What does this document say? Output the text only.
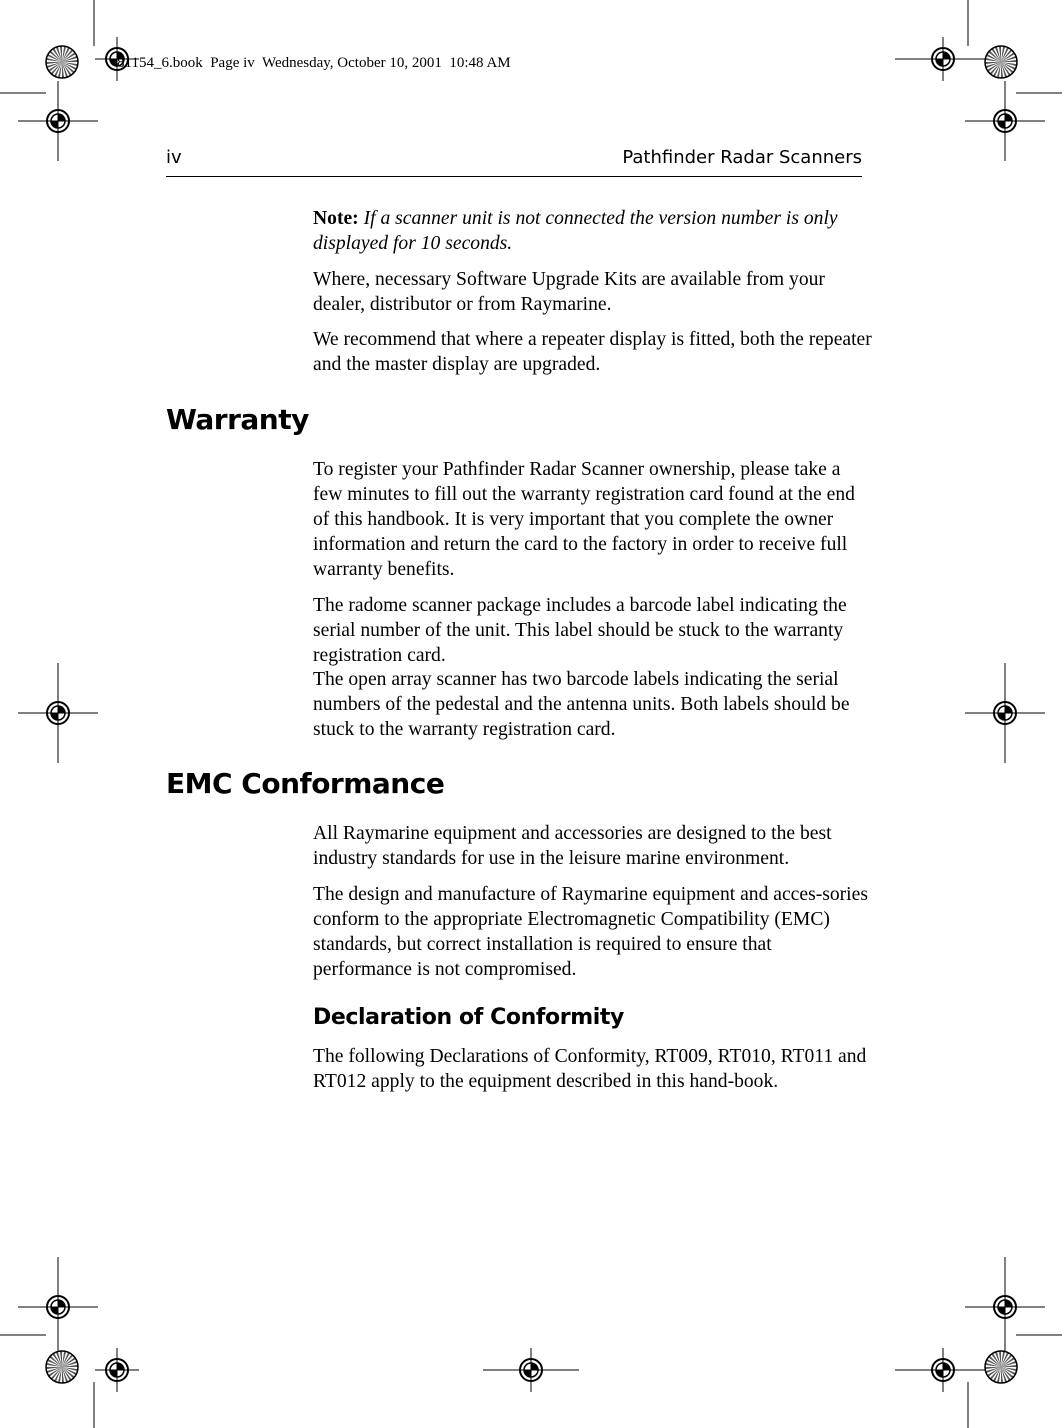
81154_6.book  Page iv  Wednesday, October 10, 2001  10:48 AM
iv	Pathfinder Radar Scanners

Note: If a scanner unit is not connected the version number is only displayed for 10 seconds.

Where, necessary Software Upgrade Kits are available from your dealer, distributor or from Raymarine.
We recommend that where a repeater display is fitted, both the repeater and the master display are upgraded.
Warranty
To register your Pathfinder Radar Scanner ownership, please take a few minutes to fill out the warranty registration card found at the end of this handbook. It is very important that you complete the owner information and return the card to the factory in order to receive full warranty benefits.
The radome scanner package includes a barcode label indicating the serial number of the unit. This label should be stuck to the warranty registration card.
The open array scanner has two barcode labels indicating the serial numbers of the pedestal and the antenna units. Both labels should be stuck to the warranty registration card.
EMC Conformance
All Raymarine equipment and accessories are designed to the best industry standards for use in the leisure marine environment.
The design and manufacture of Raymarine equipment and acces-sories conform to the appropriate Electromagnetic Compatibility (EMC) standards, but correct installation is required to ensure that performance is not compromised.
Declaration of Conformity
The following Declarations of Conformity, RT009, RT010, RT011 and RT012 apply to the equipment described in this hand-book.
